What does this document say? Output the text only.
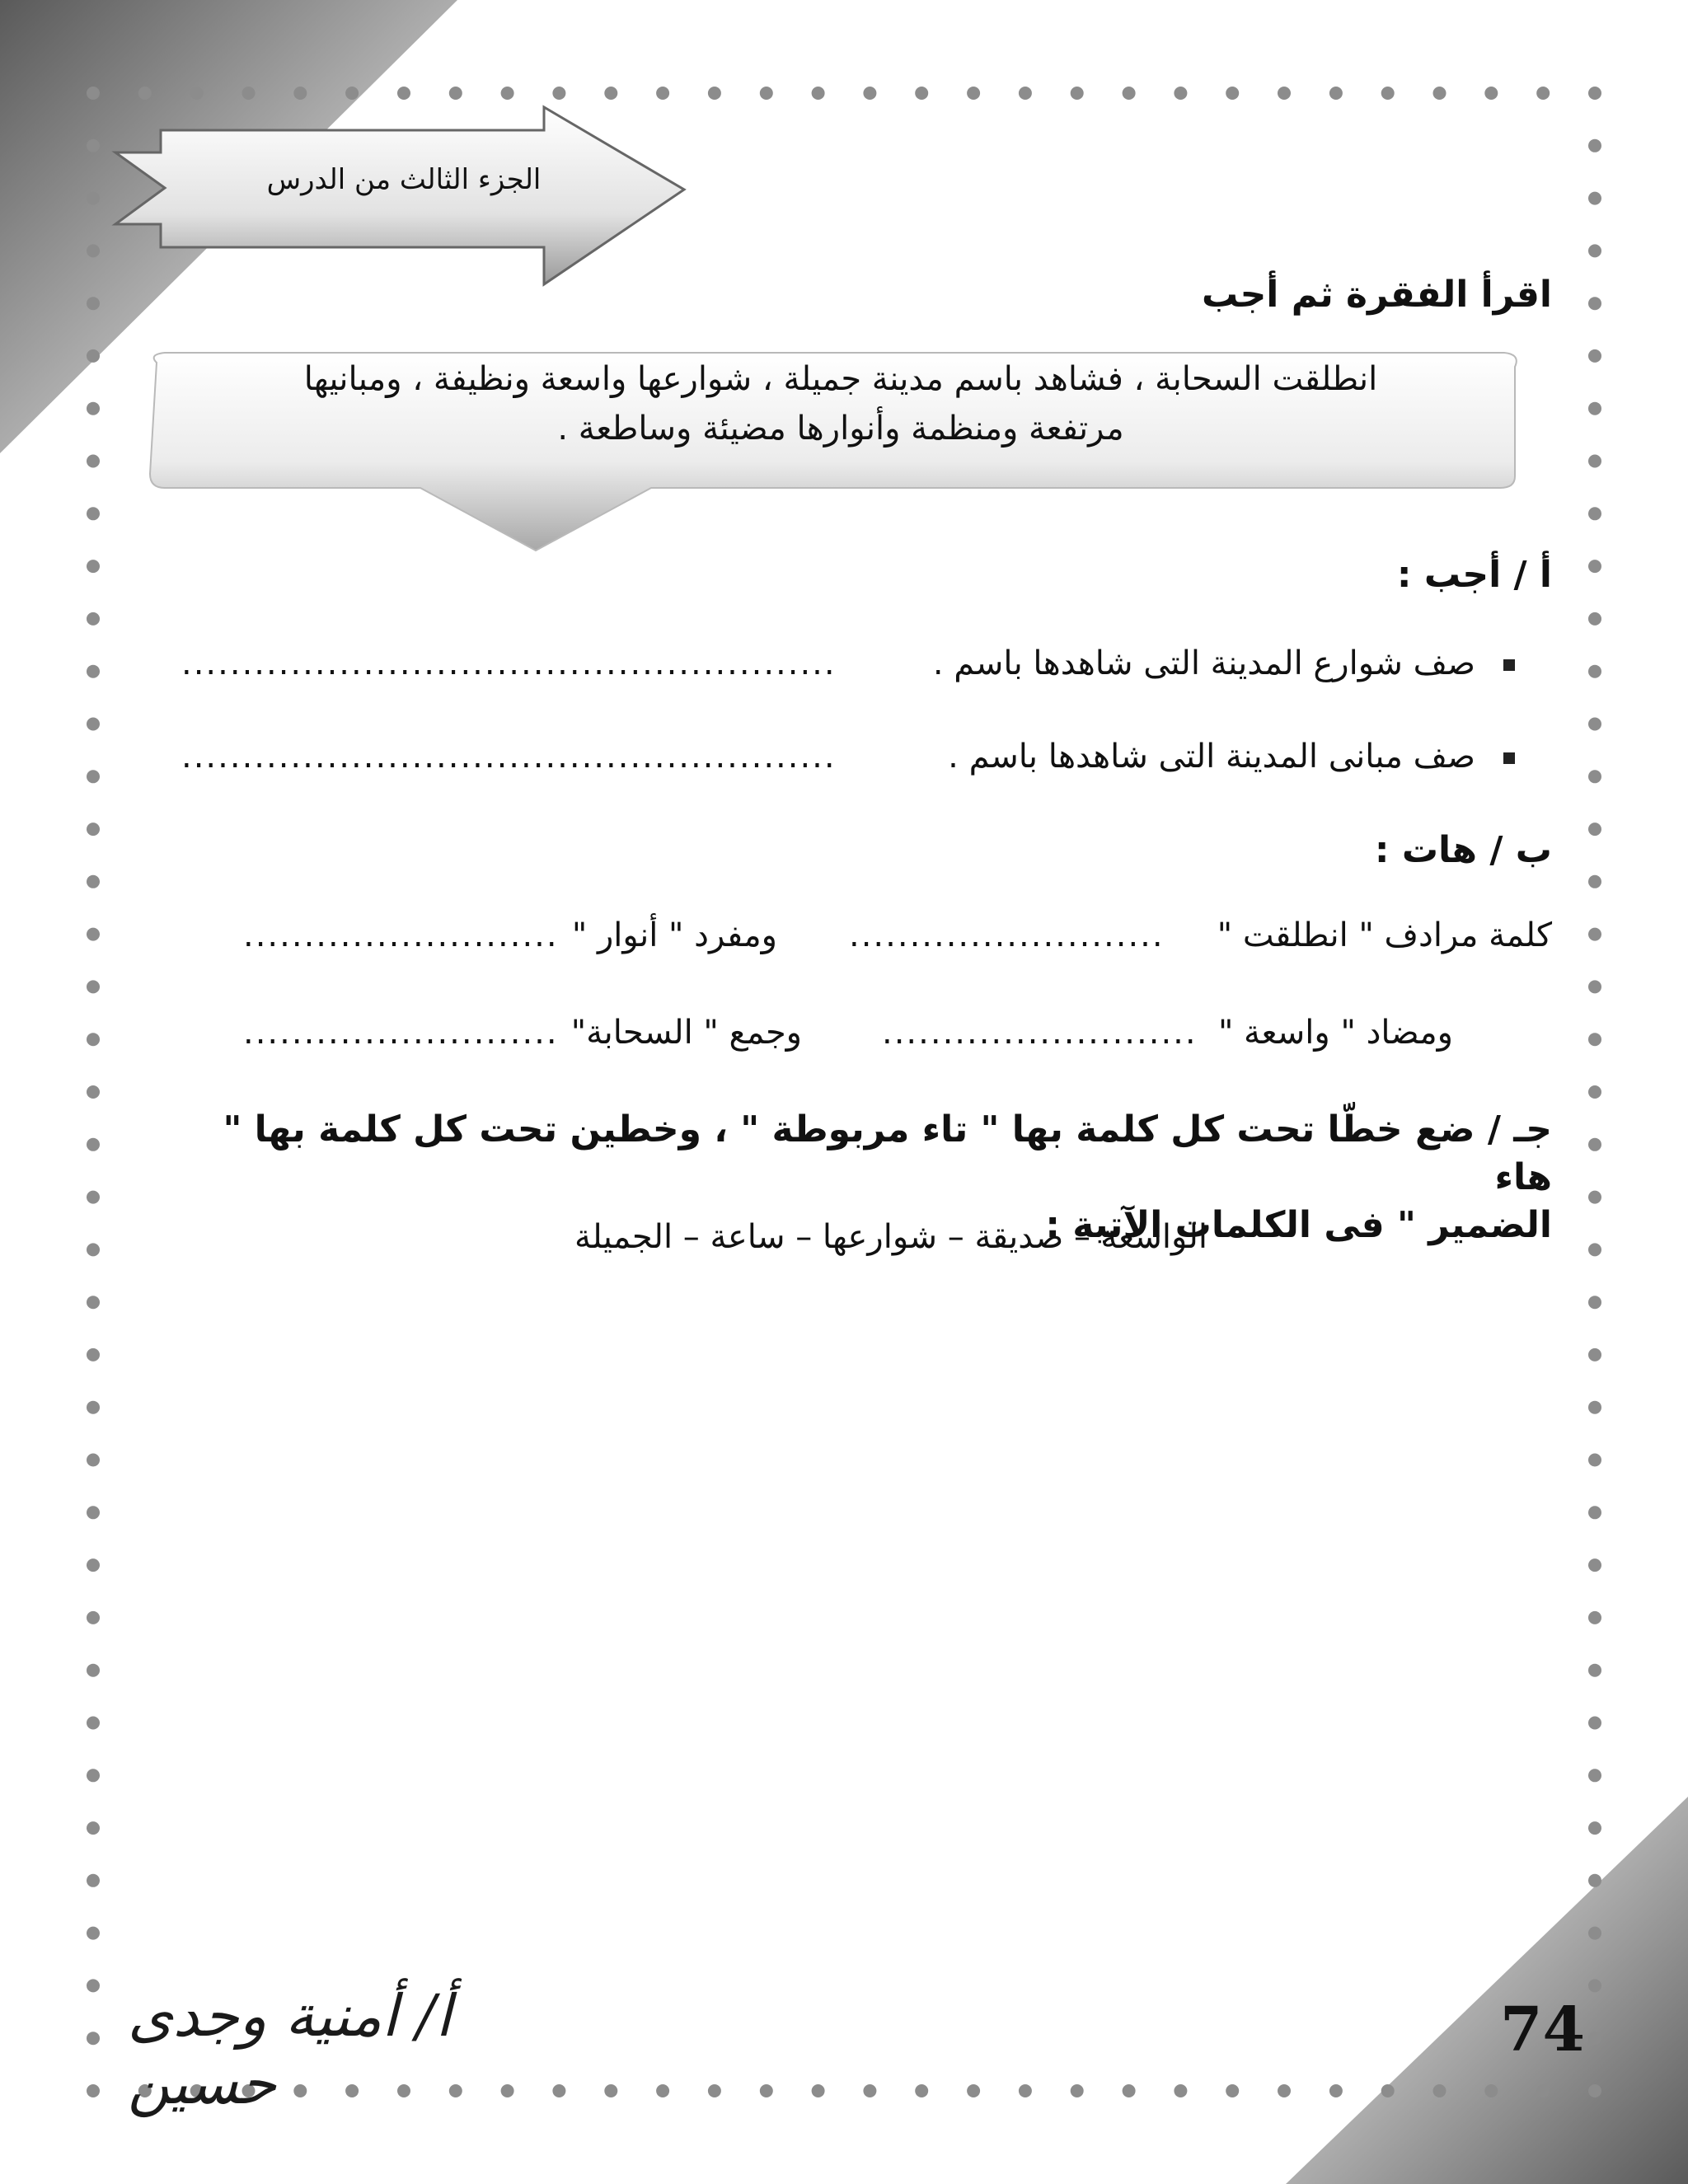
الجزء الثالث من الدرس
اقرأ الفقرة ثم أجب
انطلقت السحابة ، فشاهد باسم مدينة جميلة ، شوارعها واسعة ونظيفة ، ومبانيها
مرتفعة ومنظمة وأنوارها مضيئة وساطعة .
أ / أجب :
صف شوارع المدينة التى شاهدها باسم .
......................................................
صف مبانى المدينة التى شاهدها باسم .
......................................................
ب / هات :
كلمة مرادف " انطلقت "
..........................
ومفرد " أنوار "
..........................
ومضاد " واسعة "
..........................
وجمع " السحابة"
..........................
جـ / ضع خطّا تحت كل كلمة بها " تاء مربوطة " ، وخطين تحت كل كلمة بها " هاء
الضمير " فى الكلمات الآتية :
الواسعة – صديقة – شوارعها – ساعة – الجميلة
أ/ أمنية وجدى حسين
74
